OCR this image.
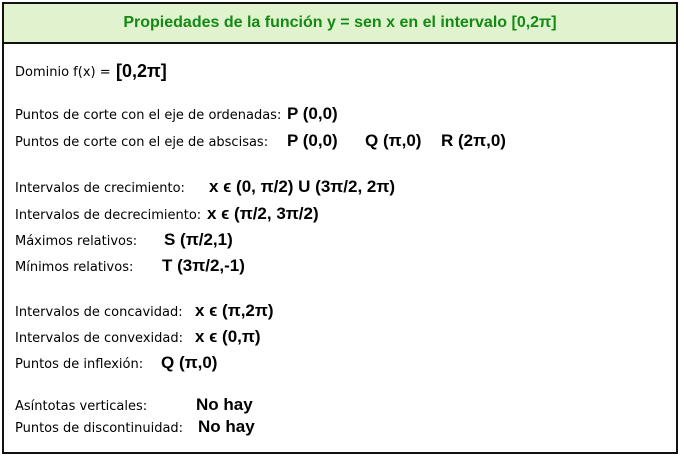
Propiedades de la función y = sen x en el intervalo [0,2π]
Dominio f(x) = [0,2π]
Puntos de corte con el eje de ordenadas: P (0,0)
Puntos de corte con el eje de abscisas: P (0,0) Q (π,0) R (2π,0)
Intervalos de crecimiento: x ϵ (0, π/2) U (3π/2, 2π)
Intervalos de decrecimiento: x ϵ (π/2, 3π/2)
Máximos relativos: S (π/2,1)
Mínimos relativos: T (3π/2,-1)
Intervalos de concavidad: x ϵ (π,2π)
Intervalos de convexidad: x ϵ (0,π)
Puntos de inflexión: Q (π,0)
Asíntotas verticales:	No hay
Puntos de discontinuidad: No hay
